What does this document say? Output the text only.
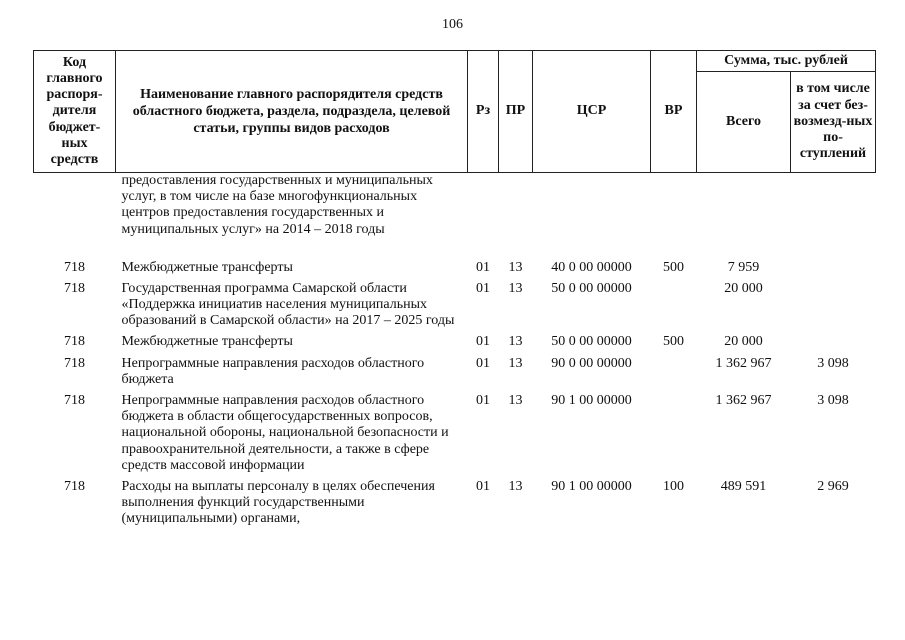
106
Код главного распоря-дителя бюджет-ных средств	Наименование главного распорядителя средств областного бюджета, раздела, подраздела, целевой статьи, группы видов расходов	Рз	ПР	ЦСР	ВР	Сумма, тыс. рублей	
						Всего	в том числе за счет без-возмезд-ных по-ступлений
	предоставления государственных и муниципальных услуг, в том числе на базе многофункциональных центров предоставления государственных и муниципальных услуг» на 2014 – 2018 годы						
718	Межбюджетные трансферты	01	13	40 0 00 00000	500	7 959	
718	Государственная программа Самарской области «Поддержка инициатив населения муниципальных образований в Самарской области» на 2017 – 2025 годы	01	13	50 0 00 00000		20 000	
718	Межбюджетные трансферты	01	13	50 0 00 00000	500	20 000	
718	Непрограммные направления расходов областного бюджета	01	13	90 0 00 00000		1 362 967	3 098
718	Непрограммные направления расходов областного бюджета в области общегосударственных вопросов, национальной обороны, национальной безопасности и правоохранительной деятельности, а также в сфере средств массовой информации	01	13	90 1 00 00000		1 362 967	3 098
718	Расходы на выплаты персоналу в целях обеспечения выполнения функций государственными (муниципальными) органами,	01	13	90 1 00 00000	100	489 591	2 969
